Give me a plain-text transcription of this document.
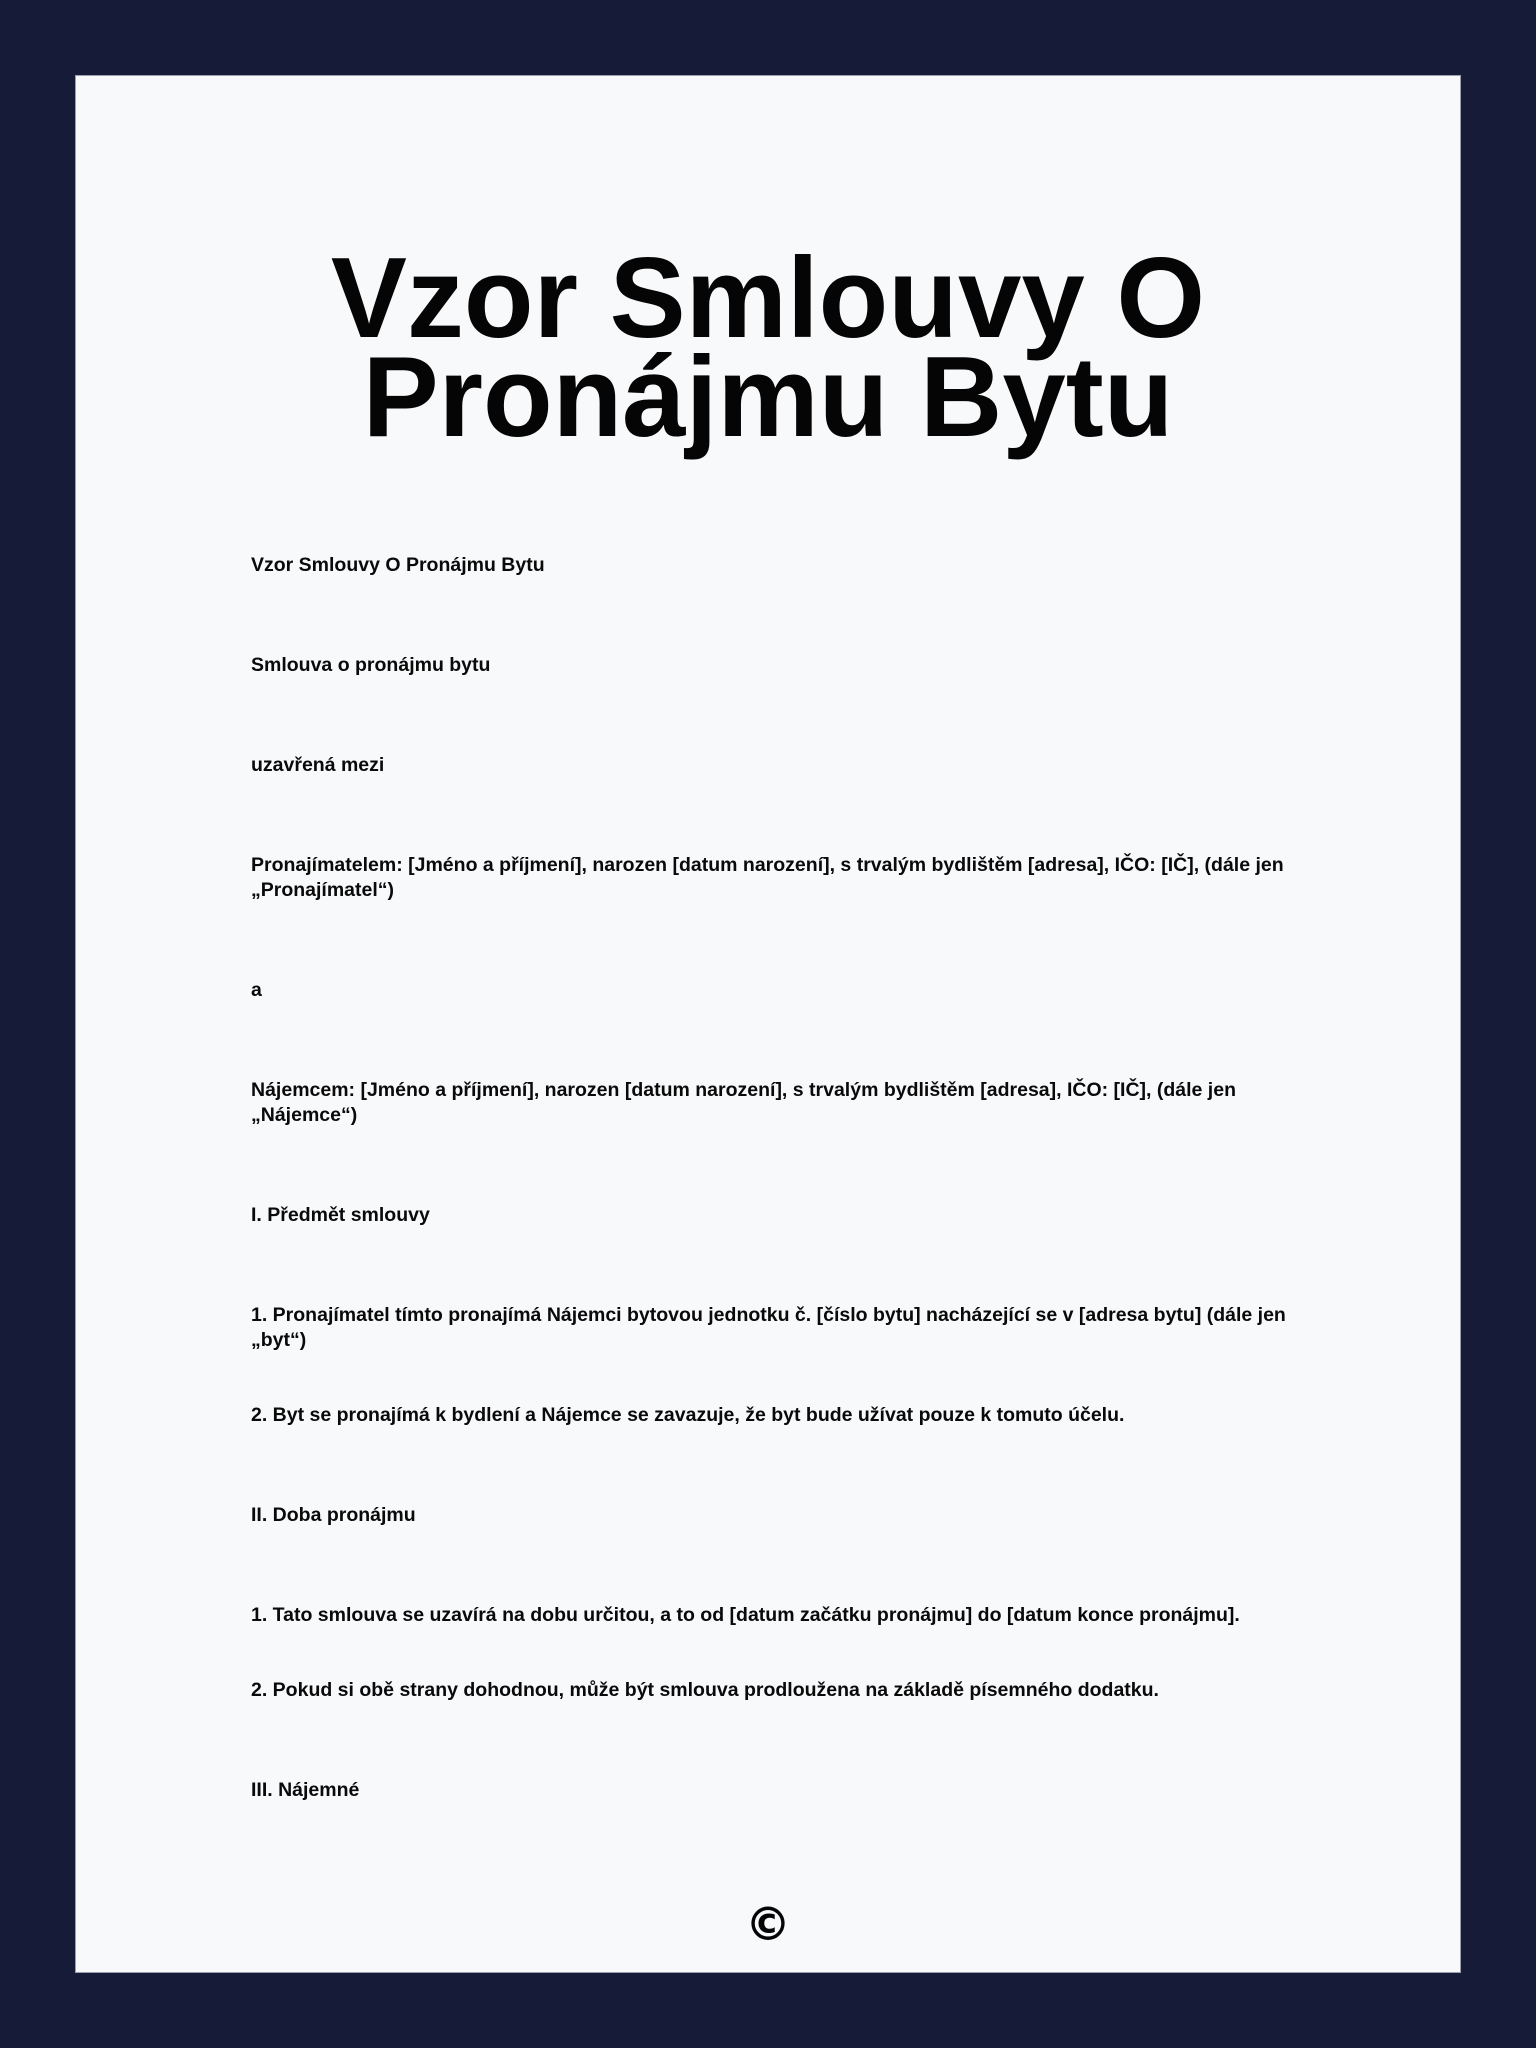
Vzor Smlouvy O Pronájmu Bytu

Vzor Smlouvy O Pronájmu Bytu

Smlouva o pronájmu bytu

uzavřená mezi

Pronajímatelem: [Jméno a příjmení], narozen [datum narození], s trvalým bydlištěm [adresa], IČO: [IČ], (dále jen „Pronajímatel“)

a

Nájemcem: [Jméno a příjmení], narozen [datum narození], s trvalým bydlištěm [adresa], IČO: [IČ], (dále jen „Nájemce“)

I. Předmět smlouvy

1. Pronajímatel tímto pronajímá Nájemci bytovou jednotku č. [číslo bytu] nacházející se v [adresa bytu] (dále jen „byt“)

2. Byt se pronajímá k bydlení a Nájemce se zavazuje, že byt bude užívat pouze k tomuto účelu.

II. Doba pronájmu

1. Tato smlouva se uzavírá na dobu určitou, a to od [datum začátku pronájmu] do [datum konce pronájmu].

2. Pokud si obě strany dohodnou, může být smlouva prodloužena na základě písemného dodatku.

III. Nájemné

©
